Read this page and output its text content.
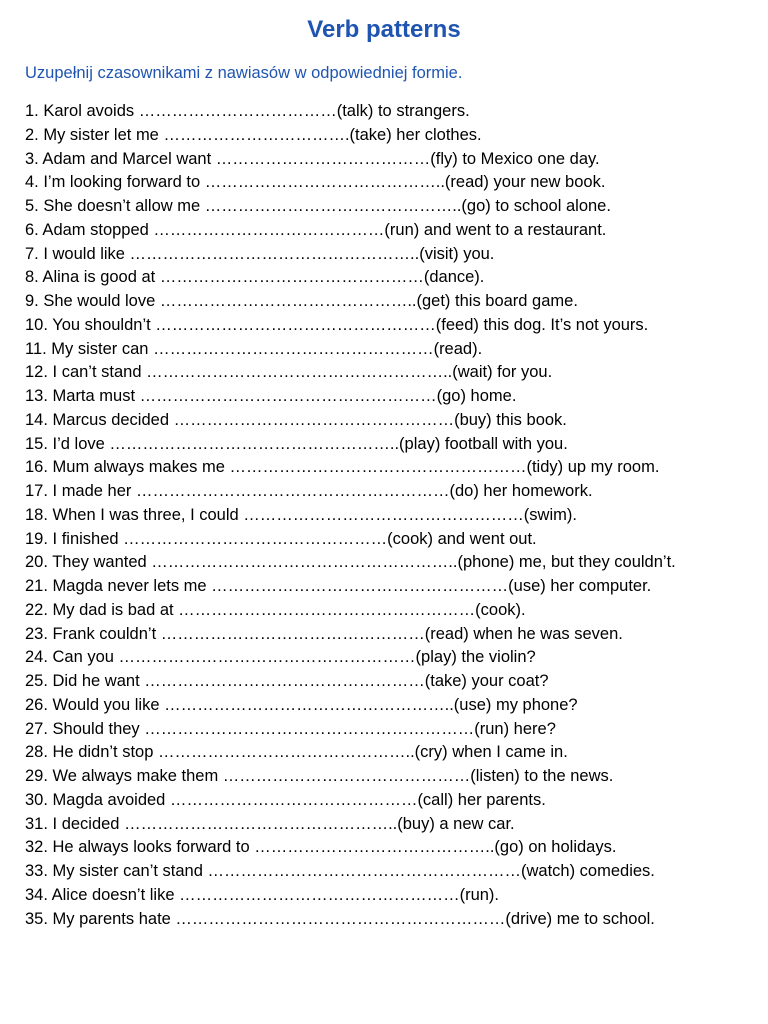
Verb patterns
Uzupełnij czasownikami z nawiasów w odpowiedniej formie.
1. Karol avoids ………………………………(talk) to strangers.
2. My sister let me …………………………….(take) her clothes.
3. Adam and Marcel want …………………………………(fly) to Mexico one day.
4. I’m looking forward to ……………………………………..(read) your new book.
5. She doesn’t allow me ………………………………………..(go) to school alone.
6. Adam stopped ……………………………………(run) and went to a restaurant.
7. I would like ……………………………………………..(visit) you.
8. Alina is good at …………………………………………(dance).
9. She would love ………………………………………..(get) this board game.
10. You shouldn’t ……………………………………………(feed) this dog. It’s not yours.
11. My sister can ……………………………………………(read).
12. I can’t stand ………………………………………………..(wait) for you.
13. Marta must ………………………………………………(go) home.
14. Marcus decided ……………………………………………(buy) this book.
15. I’d love ……………………………………………..(play) football with you.
16. Mum always makes me ………………………………………………(tidy) up my room.
17. I made her …………………………………………………(do) her homework.
18. When I was three, I could ……………………………………………(swim).
19. I finished …………………………………………(cook) and went out.
20. They wanted ………………………………………………..(phone) me, but they couldn’t.
21. Magda never lets me ………………………………………………(use) her computer.
22. My dad is bad at ………………………………………………(cook).
23. Frank couldn’t …………………………………………(read) when he was seven.
24. Can you ………………………………………………(play) the violin?
25. Did he want ……………………………………………(take) your coat?
26. Would you like ……………………………………………..(use) my phone?
27. Should they ……………………………………………………(run) here?
28. He didn’t stop ………………………………………..(cry) when I came in.
29. We always make them ………………………………………(listen) to the news.
30. Magda avoided ………………………………………(call) her parents.
31. I decided …………………………………………..(buy) a new car.
32. He always looks forward to ……………………………………..(go) on holidays.
33. My sister can’t stand …………………………………………………(watch) comedies.
34. Alice doesn’t like ……………………………………………(run).
35. My parents hate ……………………………………………………(drive) me to school.
